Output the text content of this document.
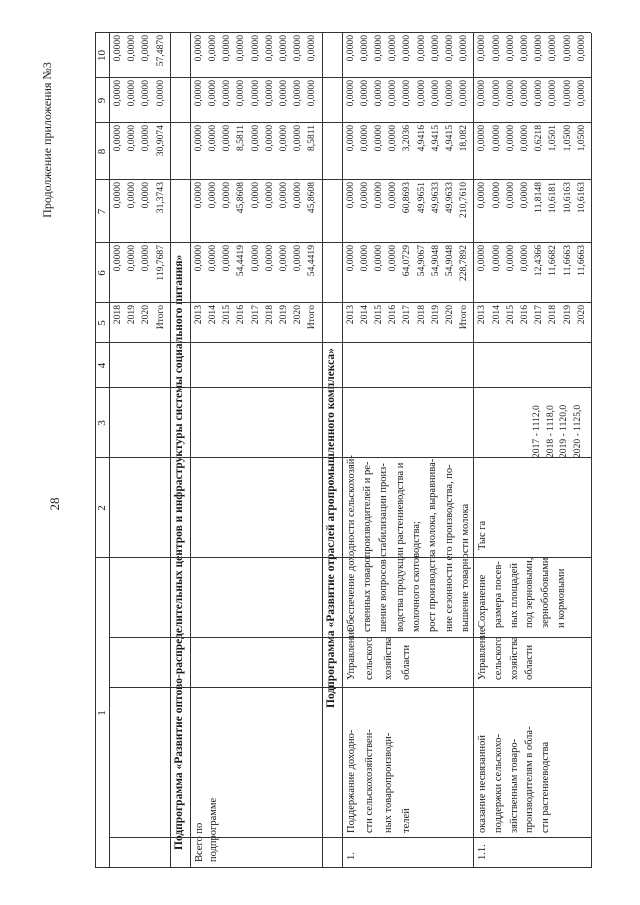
28
Продолжение приложения №3
1
2
3
4
5
6
7
8
9
10
2018
0,0000
0,0000
0,0000
0,0000
0,0000
2019
0,0000
0,0000
0,0000
0,0000
0,0000
2020
0,0000
0,0000
0,0000
0,0000
0,0000
Итого
119,7687
31,3743
30,9074
0,0000
57,4870
Подпрограмма «Развитие оптово-распределительных центров и инфраструктуры системы социального питания» Всего по подпрограмме
2013
0,0000
0,0000
0,0000
0,0000
0,0000
2014
0,0000
0,0000
0,0000
0,0000
0,0000
2015
0,0000
0,0000
0,0000
0,0000
0,0000
2016
54,4419
45,8608
8,5811
0,0000
0,0000
2017
0,0000
0,0000
0,0000
0,0000
0,0000
2018
0,0000
0,0000
0,0000
0,0000
0,0000
2019
0,0000
0,0000
0,0000
0,0000
0,0000
2020
0,0000
0,0000
0,0000
0,0000
0,0000
Итого
54,4419
45,8608
8,5811
0,0000
0,0000
Подпрограмма «Развитие отраслей агропромышленного комплекса»
1.
Поддержание доходно- сти сельскохозяйствен- ных товаропроизводи- телей
Управление сельского хозяйства области
Обеспечение доходности сельскохозяй- ственных товаропроизводителей и ре- шение вопросов стабилизации произ- водства продукции растениеводства и молочного скотоводства; рост производства молока, выравнива- ние сезонности его производства, по- вышение товарности молока
2013
0,0000
0,0000
0,0000
0,0000
0,0000
2014
0,0000
0,0000
0,0000
0,0000
0,0000
2015
0,0000
0,0000
0,0000
0,0000
0,0000
2016
0,0000
0,0000
0,0000
0,0000
0,0000
2017
64,0729
60,8693
3,2036
0,0000
0,0000
2018
54,9067
49,9651
4,9416
0,0000
0,0000
2019
54,9048
49,9633
4,9415
0,0000
0,0000
2020
54,9048
49,9633
4,9415
0,0000
0,0000
Итого
228,7892
210,7610
18,082
0,0000
0,0000
1.1.
оказание несвязанной поддержки сельскохо- зяйственным товаро- производителям в обла- сти растениеводства
Управление сельского хозяйства области
Сохранение размера посев- ных площадей под зерновыми, зернобобовыми и кормовыми
Тыс га
2017 - 1112,0 2018 - 1118,0 2019 - 1120,0 2020 - 1125,0
2013
0,0000
0,0000
0,0000
0,0000
0,0000
2014
0,0000
0,0000
0,0000
0,0000
0,0000
2015
0,0000
0,0000
0,0000
0,0000
0,0000
2016
0,0000
0,0000
0,0000
0,0000
0,0000
2017
12,4366
11,8148
0,6218
0,0000
0,0000
2018
11,6682
10,6181
1,0501
0,0000
0,0000
2019
11,6663
10,6163
1,0500
0,0000
0,0000
2020
11,6663
10,6163
1,0500
0,0000
0,0000
